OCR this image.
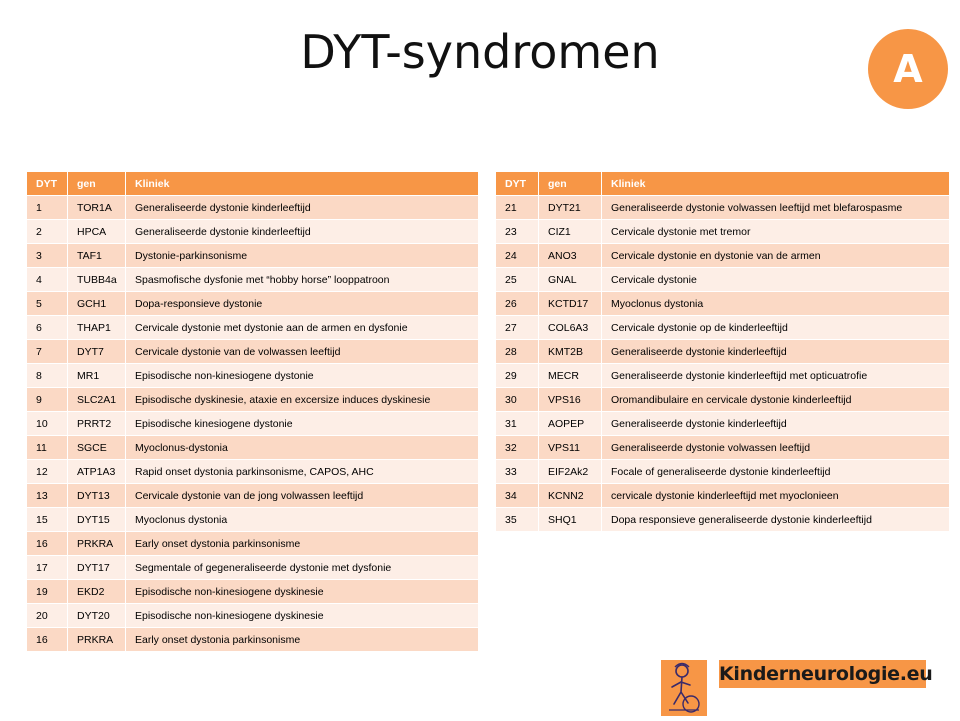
DYT-syndromen	A
DYT	gen	Kliniek
1	TOR1A	Generaliseerde dystonie kinderleeftijd
2	HPCA	Generaliseerde dystonie kinderleeftijd
3	TAF1	Dystonie-parkinsonisme
4	TUBB4a	Spasmofische dysfonie met “hobby horse” looppatroon
5	GCH1	Dopa-responsieve dystonie
6	THAP1	Cervicale dystonie met dystonie aan de armen en dysfonie
7	DYT7	Cervicale dystonie van de volwassen leeftijd
8	MR1	Episodische non-kinesiogene dystonie
9	SLC2A1	Episodische dyskinesie, ataxie en excersize induces dyskinesie
10	PRRT2	Episodische kinesiogene dystonie
11	SGCE	Myoclonus-dystonia
12	ATP1A3	Rapid onset dystonia parkinsonisme, CAPOS, AHC
13	DYT13	Cervicale dystonie van de jong volwassen leeftijd
15	DYT15	Myoclonus dystonia
16	PRKRA	Early onset dystonia parkinsonisme
17	DYT17	Segmentale of gegeneraliseerde dystonie met dysfonie
19	EKD2	Episodische non-kinesiogene dyskinesie
20	DYT20	Episodische non-kinesiogene dyskinesie
16	PRKRA	Early onset dystonia parkinsonisme
DYT	gen	Kliniek
21	DYT21	Generaliseerde dystonie volwassen leeftijd met blefarospasme
23	CIZ1	Cervicale dystonie met tremor
24	ANO3	Cervicale dystonie en dystonie van de armen
25	GNAL	Cervicale dystonie
26	KCTD17	Myoclonus dystonia
27	COL6A3	Cervicale dystonie op de kinderleeftijd
28	KMT2B	Generaliseerde dystonie kinderleeftijd
29	MECR	Generaliseerde dystonie kinderleeftijd met opticuatrofie
30	VPS16	Oromandibulaire en cervicale dystonie kinderleeftijd
31	AOPEP	Generaliseerde dystonie kinderleeftijd
32	VPS11	Generaliseerde dystonie volwassen leeftijd
33	EIF2Ak2	Focale of generaliseerde dystonie kinderleeftijd
34	KCNN2	cervicale dystonie kinderleeftijd met myoclonieen
35	SHQ1	Dopa responsieve generaliseerde dystonie kinderleeftijd
Kinderneurologie.eu
